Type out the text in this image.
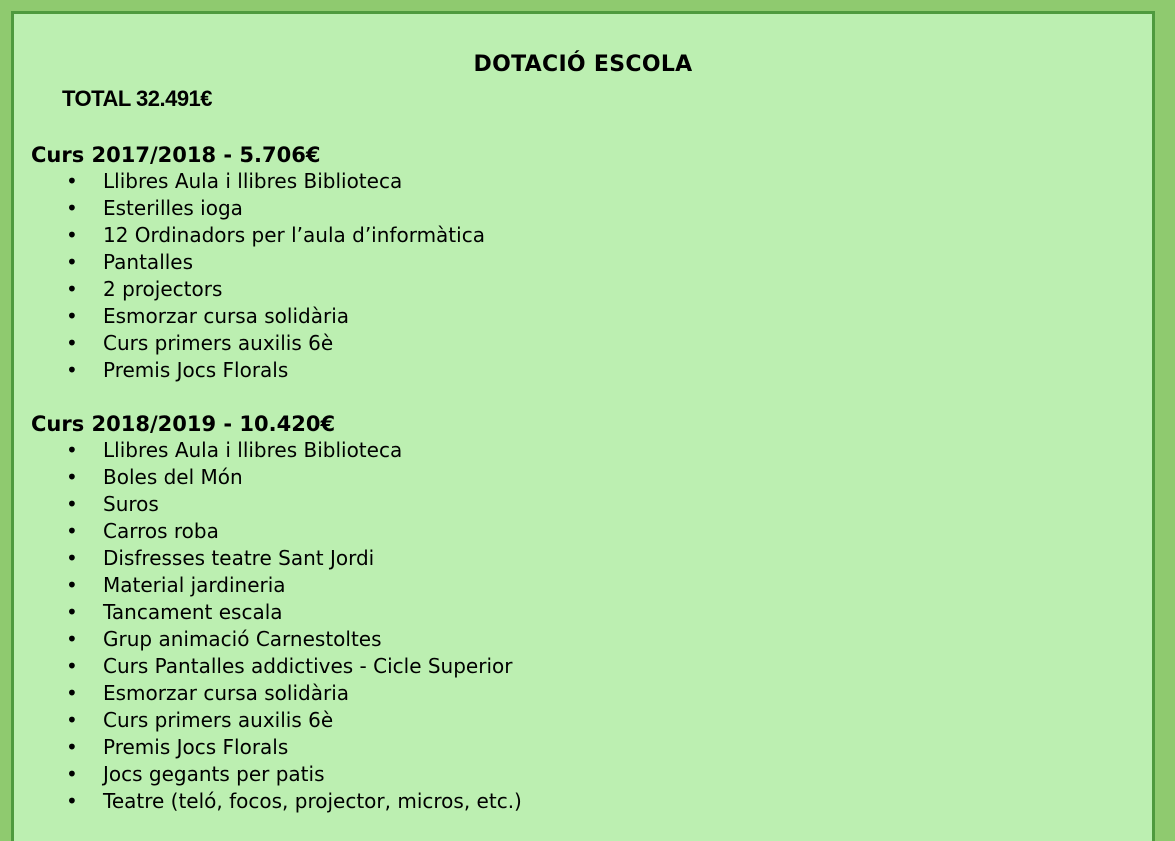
DOTACIÓ ESCOLA
TOTAL 32.491€
Curs 2017/2018 - 5.706€
• Llibres Aula i llibres Biblioteca
• Esterilles ioga
• 12 Ordinadors per l’aula d’informàtica
• Pantalles
• 2 projectors
• Esmorzar cursa solidària
• Curs primers auxilis 6è
• Premis Jocs Florals
Curs 2018/2019 - 10.420€
• Llibres Aula i llibres Biblioteca
• Boles del Món
• Suros
• Carros roba
• Disfresses teatre Sant Jordi
• Material jardineria
• Tancament escala
• Grup animació Carnestoltes
• Curs Pantalles addictives - Cicle Superior
• Esmorzar cursa solidària
• Curs primers auxilis 6è
• Premis Jocs Florals
• Jocs gegants per patis
• Teatre (teló, focos, projector, micros, etc.)
